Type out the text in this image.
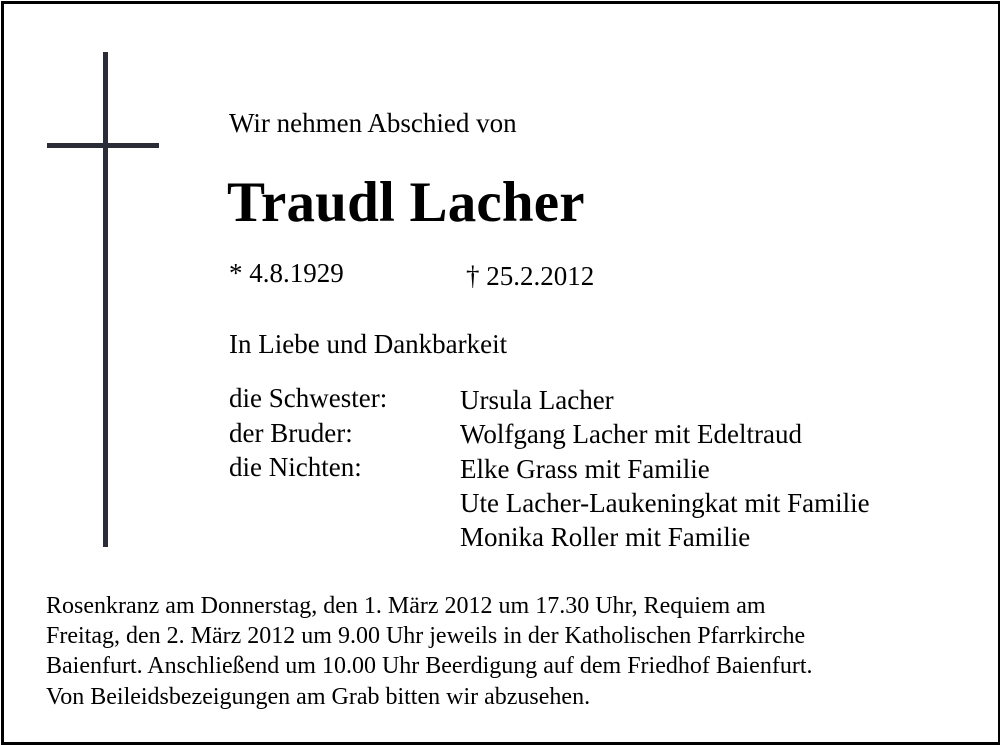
Wir nehmen Abschied von
Traudl Lacher
* 4.8.1929	† 25.2.2012
In Liebe und Dankbarkeit
die Schwester:
der Bruder:
die Nichten:
Ursula Lacher
Wolfgang Lacher mit Edeltraud
Elke Grass mit Familie
Ute Lacher-Laukeningkat mit Familie
Monika Roller mit Familie
Rosenkranz am Donnerstag, den 1. März 2012 um 17.30 Uhr, Requiem am
Freitag, den 2. März 2012 um 9.00 Uhr jeweils in der Katholischen Pfarrkirche
Baienfurt. Anschließend um 10.00 Uhr Beerdigung auf dem Friedhof Baienfurt.
Von Beileidsbezeigungen am Grab bitten wir abzusehen.
